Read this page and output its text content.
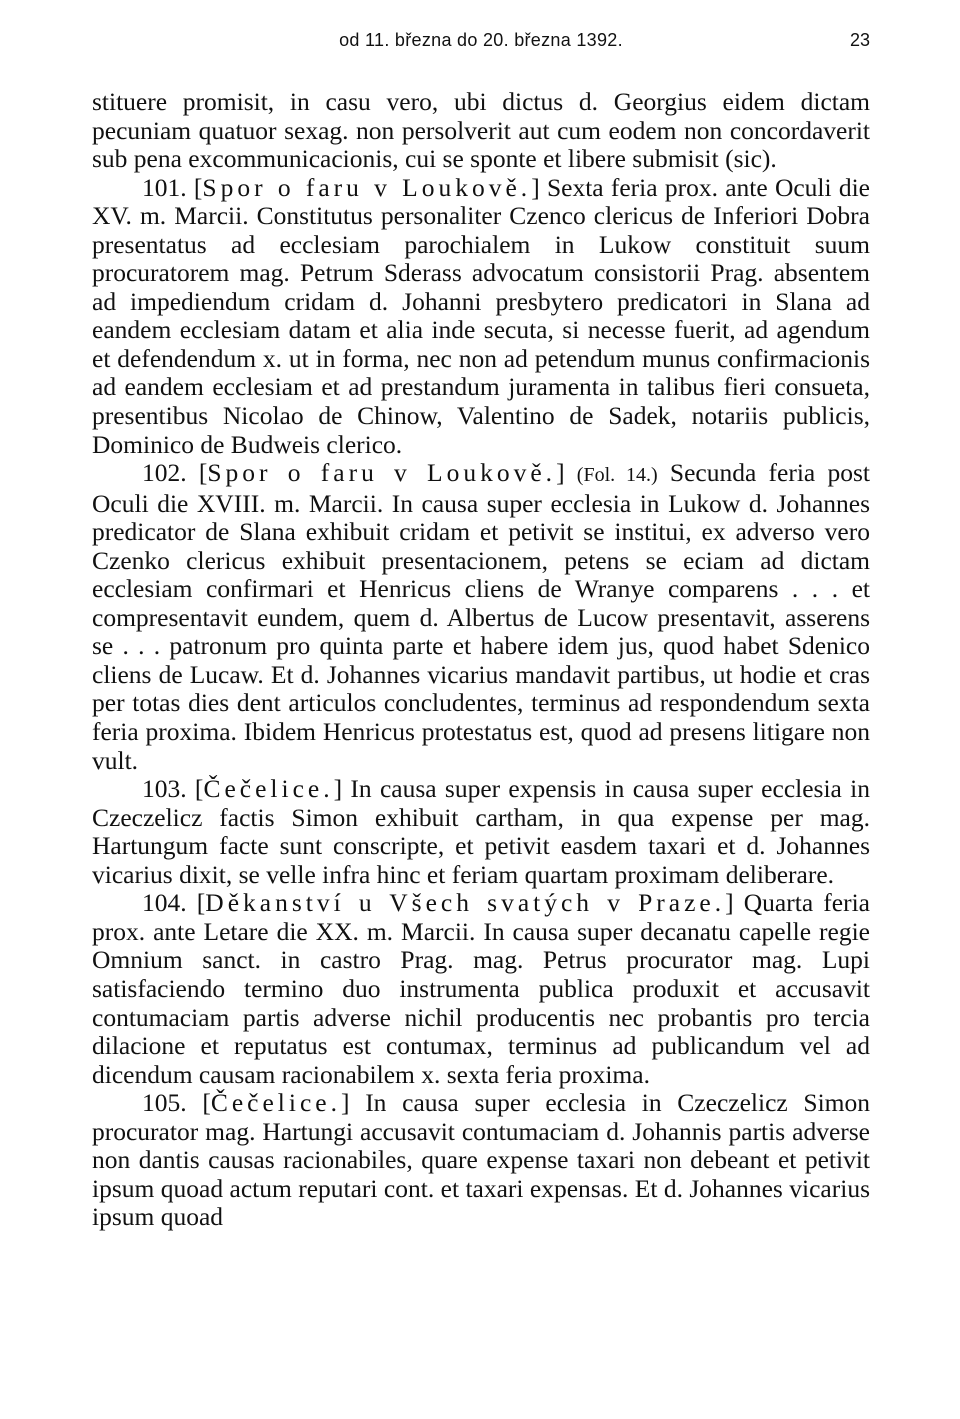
od 11. března do 20. března 1392.	23

stituere promisit, in casu vero, ubi dictus d. Georgius eidem dictam pecuniam quatuor sexag. non persolverit aut cum eodem non concordaverit sub pena excommunicacionis, cui se sponte et libere submisit (sic).

101. [Spor o faru v Loukově.] Sexta feria prox. ante Oculi die XV. m. Marcii. Constitutus personaliter Czenco clericus de Inferiori Dobra presentatus ad ecclesiam parochialem in Lukow constituit suum procuratorem mag. Petrum Sderass advocatum consistorii Prag. absentem ad impediendum cridam d. Johanni presbytero predicatori in Slana ad eandem ecclesiam datam et alia inde secuta, si necesse fuerit, ad agendum et defendendum x. ut in forma, nec non ad petendum munus confirmacionis ad eandem ecclesiam et ad prestandum juramenta in talibus fieri consueta, presentibus Nicolao de Chinow, Valentino de Sadek, notariis publicis, Dominico de Budweis clerico.

102. [Spor o faru v Loukově.] (Fol. 14.) Secunda feria post Oculi die XVIII. m. Marcii. In causa super ecclesia in Lukow d. Johannes predicator de Slana exhibuit cridam et petivit se institui, ex adverso vero Czenko clericus exhibuit presentacionem, petens se eciam ad dictam ecclesiam confirmari et Henricus cliens de Wranye comparens . . . et compresentavit eundem, quem d. Albertus de Lucow presentavit, asserens se . . . patronum pro quinta parte et habere idem jus, quod habet Sdenico cliens de Lucaw. Et d. Johannes vicarius mandavit partibus, ut hodie et cras per totas dies dent articulos concludentes, terminus ad respondendum sexta feria proxima. Ibidem Henricus protestatus est, quod ad presens litigare non vult.

103. [Čečelice.] In causa super expensis in causa super ecclesia in Czeczelicz factis Simon exhibuit cartham, in qua expense per mag. Hartungum facte sunt conscripte, et petivit easdem taxari et d. Johannes vicarius dixit, se velle infra hinc et feriam quartam proximam deliberare.

104. [Děkanství u Všech svatých v Praze.] Quarta feria prox. ante Letare die XX. m. Marcii. In causa super decanatu capelle regie Omnium sanct. in castro Prag. mag. Petrus procurator mag. Lupi satisfaciendo termino duo instrumenta publica produxit et accusavit contumaciam partis adverse nichil producentis nec probantis pro tercia dilacione et reputatus est contumax, terminus ad publicandum vel ad dicendum causam racionabilem x. sexta feria proxima.

105. [Čečelice.] In causa super ecclesia in Czeczelicz Simon procurator mag. Hartungi accusavit contumaciam d. Johannis partis adverse non dantis causas racionabiles, quare expense taxari non debeant et petivit ipsum quoad actum reputari cont. et taxari expensas. Et d. Johannes vicarius ipsum quoad
